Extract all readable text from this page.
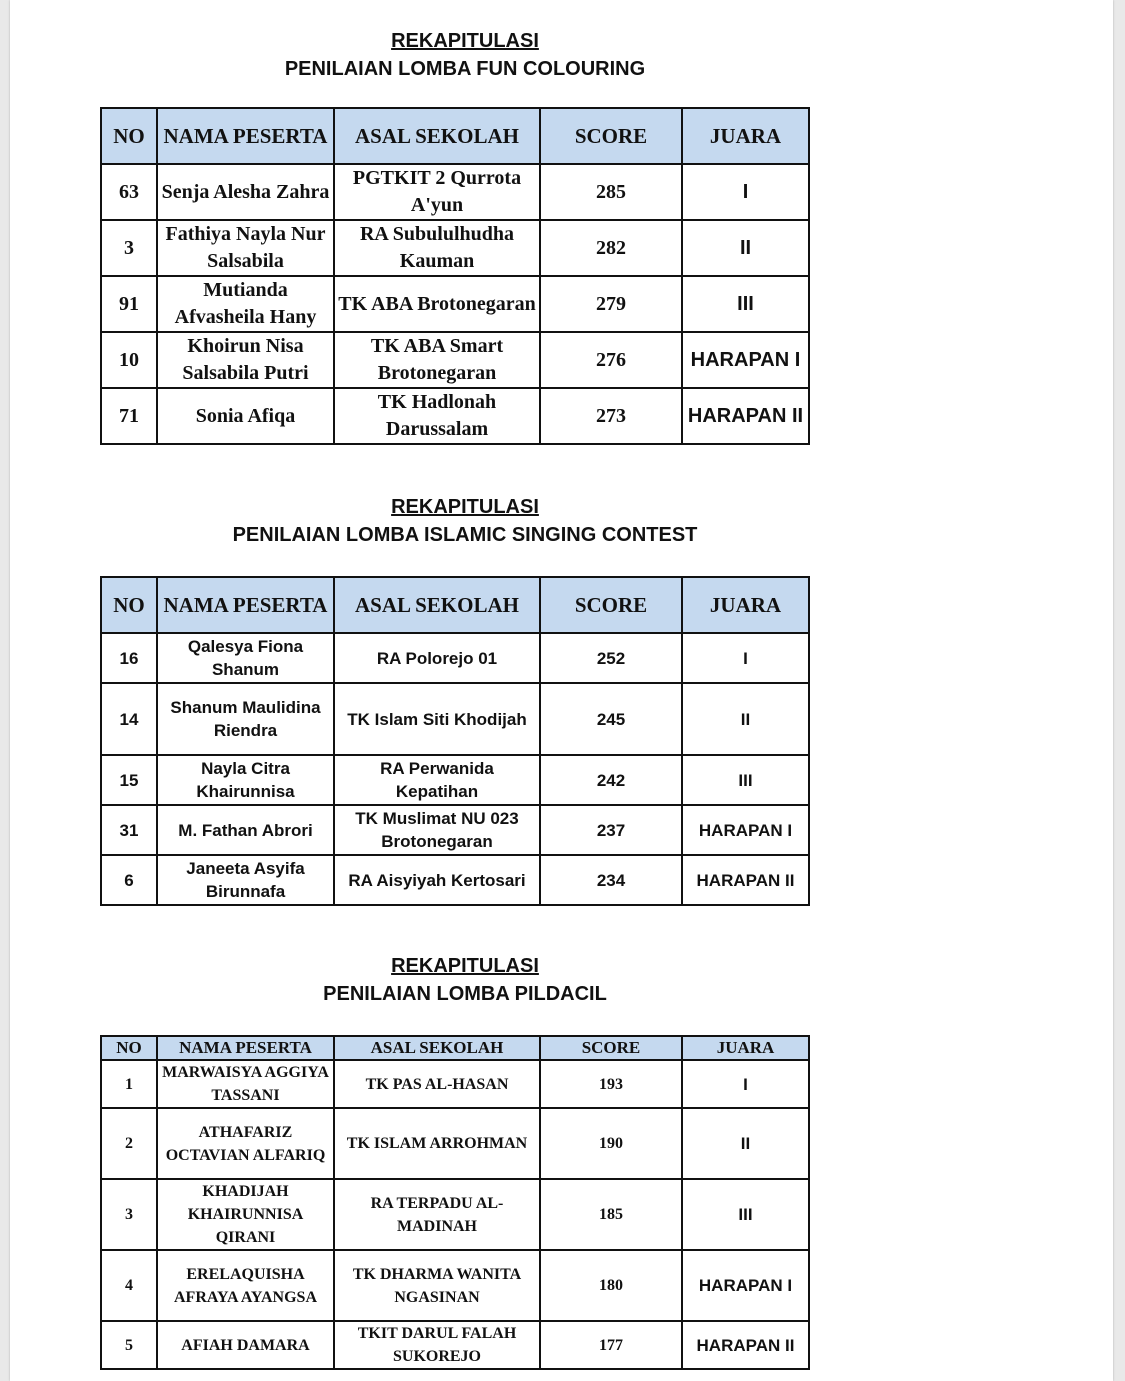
REKAPITULASI
PENILAIAN LOMBA FUN COLOURING
NO	NAMA PESERTA	ASAL SEKOLAH	SCORE	JUARA
63	Senja Alesha Zahra	PGTKIT 2 Qurrota A'yun	285	I
3	Fathiya Nayla Nur Salsabila	RA Subululhudha Kauman	282	II
91	Mutianda Afvasheila Hany	TK ABA Brotonegaran	279	III
10	Khoirun Nisa Salsabila Putri	TK ABA Smart Brotonegaran	276	HARAPAN I
71	Sonia Afiqa	TK Hadlonah Darussalam	273	HARAPAN II
REKAPITULASI
PENILAIAN LOMBA ISLAMIC SINGING CONTEST
NO	NAMA PESERTA	ASAL SEKOLAH	SCORE	JUARA
16	Qalesya Fiona Shanum	RA Polorejo 01	252	I
14	Shanum Maulidina Riendra	TK Islam Siti Khodijah	245	II
15	Nayla Citra Khairunnisa	RA Perwanida Kepatihan	242	III
31	M. Fathan Abrori	TK Muslimat NU 023 Brotonegaran	237	HARAPAN I
6	Janeeta Asyifa Birunnafa	RA Aisyiyah Kertosari	234	HARAPAN II
REKAPITULASI
PENILAIAN LOMBA PILDACIL
NO	NAMA PESERTA	ASAL SEKOLAH	SCORE	JUARA
1	MARWAISYA AGGIYA TASSANI	TK PAS AL-HASAN	193	I
2	ATHAFARIZ OCTAVIAN ALFARIQ	TK ISLAM ARROHMAN	190	II
3	KHADIJAH KHAIRUNNISA QIRANI	RA TERPADU AL-MADINAH	185	III
4	ERELAQUISHA AFRAYA AYANGSA	TK DHARMA WANITA NGASINAN	180	HARAPAN I
5	AFIAH DAMARA	TKIT DARUL FALAH SUKOREJO	177	HARAPAN II
